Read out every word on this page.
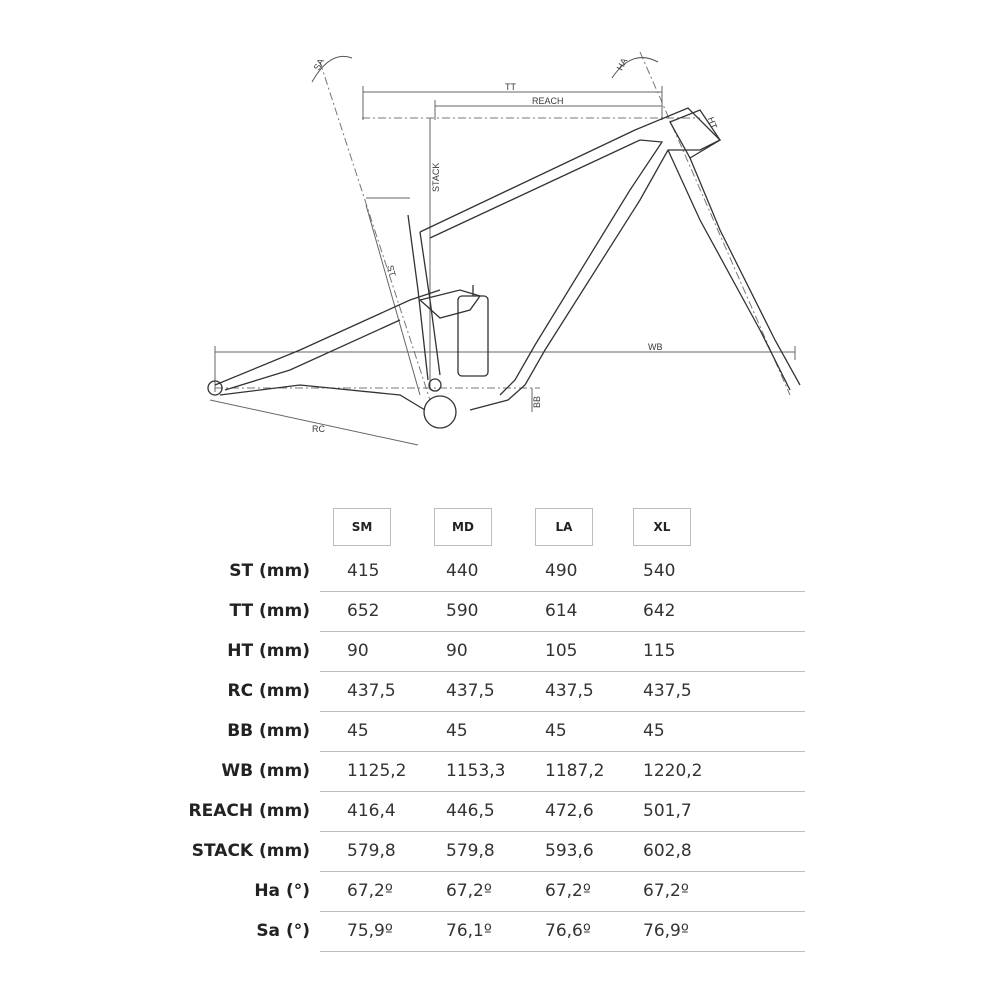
SA	HA
TT
REACH
HT
STACK
ST
WB
BB
RC
SM	MD	LA	XL
ST (mm) 415	440	490	540
TT (mm) 652	590	614	642
HT (mm) 90	90	105	115
RC (mm) 437,5	437,5	437,5	437,5
BB (mm) 45	45	45	45
WB (mm) 1125,2 1153,3 1187,2 1220,2
REACH (mm) 416,4	446,5	472,6	501,7
STACK (mm) 579,8	579,8	593,6	602,8
Ha (°) 67,2º	67,2º	67,2º	67,2º
Sa (°) 75,9º	76,1º	76,6º	76,9º
